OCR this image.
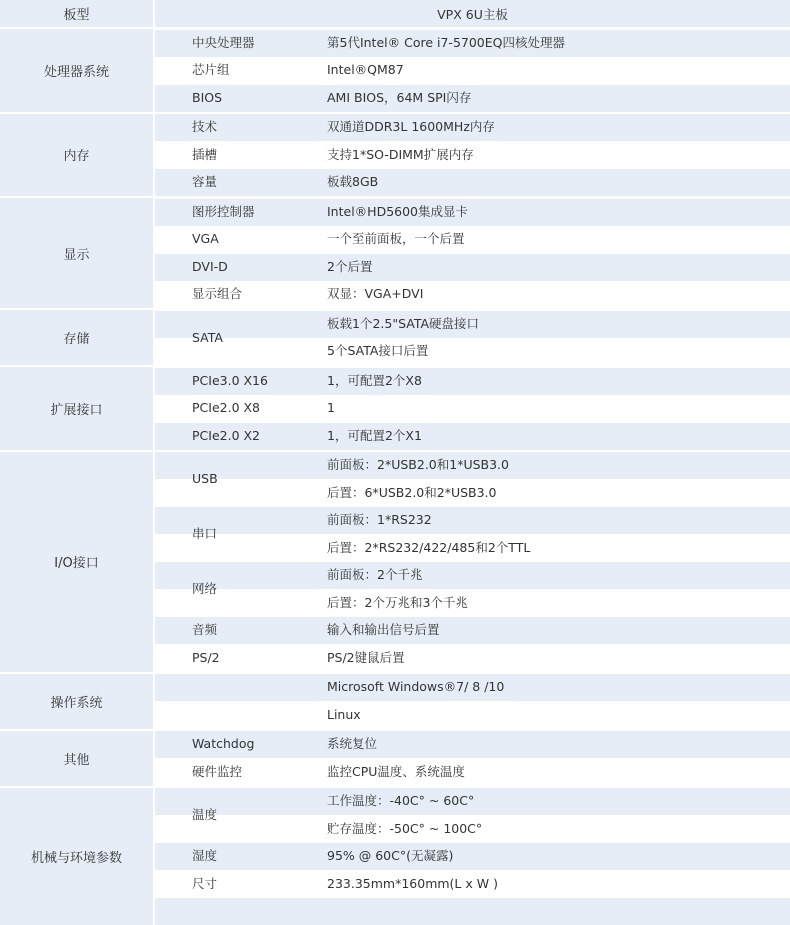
板型	VPX 6U主板
处理器系统
第5代Intel® Core i7-5700EQ四核处理器
中央处理器
Intel®QM87
芯片组
AMI BIOS，64M SPI闪存
BIOS
内存
双通道DDR3L 1600MHz内存
技术
支持1*SO-DIMM扩展内存
插槽
板载8GB
容量
显示
Intel®HD5600集成显卡
图形控制器
一个至前面板，一个后置
VGA
2个后置
DVI-D
双显：VGA+DVI
显示组合
存储
板载1个2.5"SATA硬盘接口
5个SATA接口后置
SATA
扩展接口
1，可配置2个X8
PCIe3.0 X16
1
PCIe2.0 X8
1，可配置2个X1
PCIe2.0 X2
I/O接口
前面板：2*USB2.0和1*USB3.0
后置：6*USB2.0和2*USB3.0
USB
前面板：1*RS232
后置：2*RS232/422/485和2个TTL
串口
前面板：2个千兆
后置：2个万兆和3个千兆
网络
输入和输出信号后置
音频
PS/2键鼠后置
PS/2
操作系统
Microsoft Windows®7/ 8 /10
Linux
其他
系统复位
Watchdog
监控CPU温度、系统温度
硬件监控
机械与环境参数
工作温度：-40C° ~ 60C°
贮存温度：-50C° ~ 100C°
温度
95% @ 60C°(无凝露)
湿度
233.35mm*160mm(L x W )
尺寸
